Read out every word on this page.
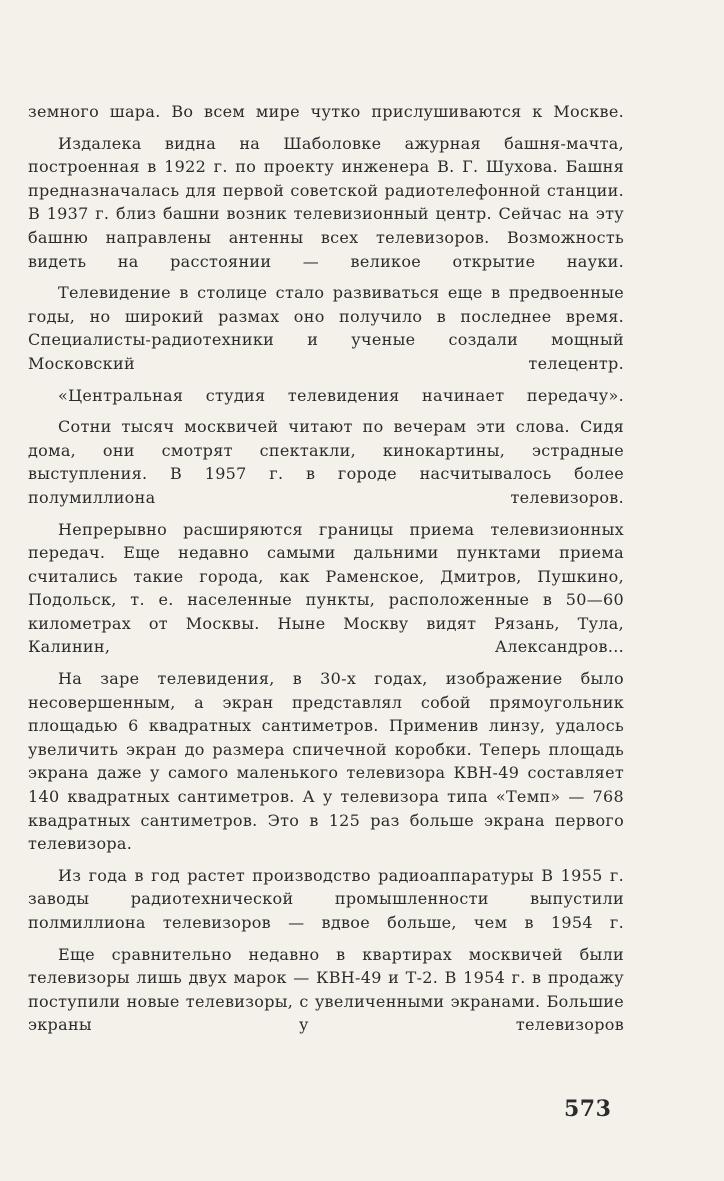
земного шара. Во всем мире чутко прислушиваются к Москве.

Издалека видна на Шаболовке ажурная башня-мачта, построенная в 1922 г. по проекту инженера В. Г. Шухова. Башня предназначалась для первой советской радиотелефонной станции. В 1937 г. близ башни возник телевизионный центр. Сейчас на эту башню направлены антенны всех телевизоров. Возможность видеть на расстоянии — великое открытие науки.

Телевидение в столице стало развиваться еще в предвоенные годы, но широкий размах оно получило в последнее время. Специалисты-радиотехники и ученые создали мощный Московский телецентр.

«Центральная студия телевидения начинает передачу».

Сотни тысяч москвичей читают по вечерам эти слова. Сидя дома, они смотрят спектакли, кинокартины, эстрадные выступления. В 1957 г. в городе насчитывалось более полумиллиона телевизоров.

Непрерывно расширяются границы приема телевизионных передач. Еще недавно самыми дальними пунктами приема считались такие города, как Раменское, Дмитров, Пушкино, Подольск, т. е. населенные пункты, расположенные в 50—60 километрах от Москвы. Ныне Москву видят Рязань, Тула, Калинин, Александров...

На заре телевидения, в 30-х годах, изображение было несовершенным, а экран представлял собой прямоугольник площадью 6 квадратных сантиметров. Применив линзу, удалось увеличить экран до размера спичечной коробки. Теперь площадь экрана даже у самого маленького телевизора КВН-49 составляет 140 квадратных сантиметров. А у телевизора типа «Темп» — 768 квадратных сантиметров. Это в 125 раз больше экрана первого телевизора.

Из года в год растет производство радиоаппаратуры В 1955 г. заводы радиотехнической промышленности выпустили полмиллиона телевизоров — вдвое больше, чем в 1954 г.

Еще сравнительно недавно в квартирах москвичей были телевизоры лишь двух марок — КВН-49 и Т-2. В 1954 г. в продажу поступили новые телевизоры, с увеличенными экранами. Большие экраны у телевизоров

573
